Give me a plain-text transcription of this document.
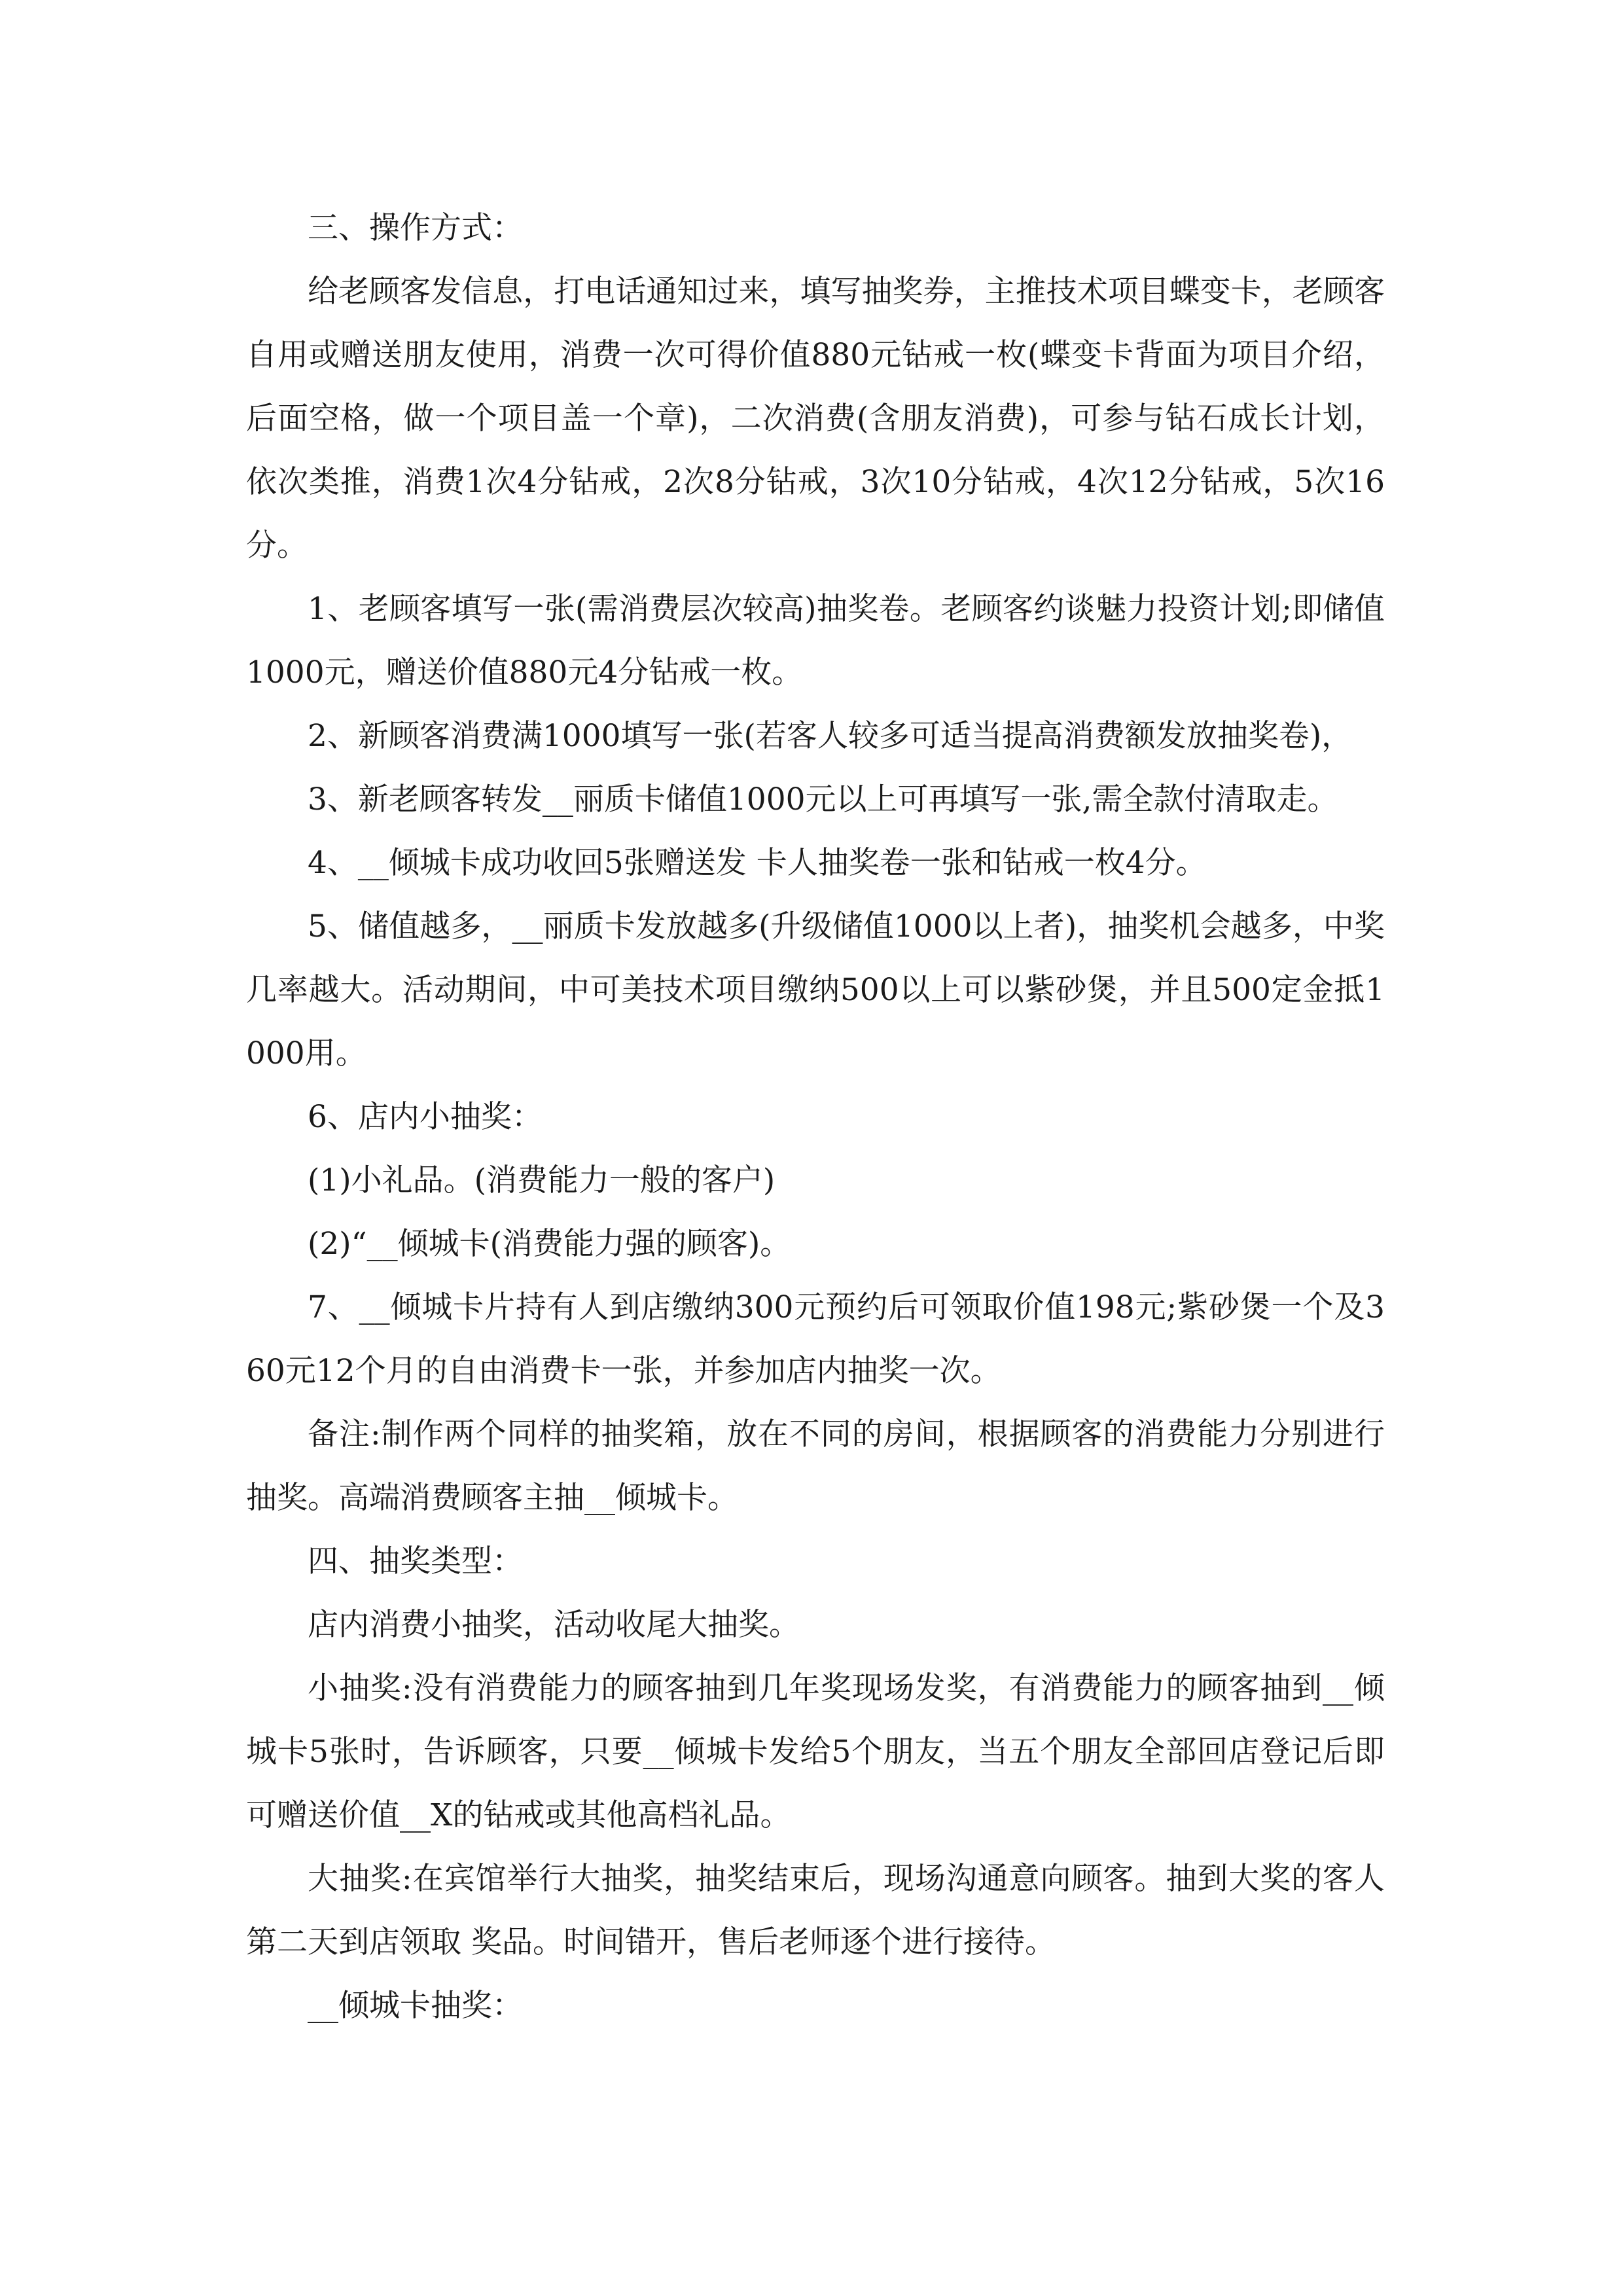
三、操作方式：

给老顾客发信息，打电话通知过来，填写抽奖券，主推技术项目蝶变卡，老顾客自用或赠送朋友使用，消费一次可得价值880元钻戒一枚(蝶变卡背面为项目介绍，后面空格，做一个项目盖一个章)，二次消费(含朋友消费)，可参与钻石成长计划，依次类推，消费1次4分钻戒，2次8分钻戒，3次10分钻戒，4次12分钻戒，5次16分。

1、老顾客填写一张(需消费层次较高)抽奖卷。老顾客约谈魅力投资计划;即储值1000元，赠送价值880元4分钻戒一枚。

2、新顾客消费满1000填写一张(若客人较多可适当提高消费额发放抽奖卷)，

3、新老顾客转发__丽质卡储值1000元以上可再填写一张,需全款付清取走。

4、__倾城卡成功收回5张赠送发 卡人抽奖卷一张和钻戒一枚4分。

5、储值越多，__丽质卡发放越多(升级储值1000以上者)，抽奖机会越多，中奖几率越大。活动期间，中可美技术项目缴纳500以上可以紫砂煲，并且500定金抵1000用。

6、店内小抽奖：

(1)小礼品。(消费能力一般的客户)

(2)“__倾城卡(消费能力强的顾客)。

7、__倾城卡片持有人到店缴纳300元预约后可领取价值198元;紫砂煲一个及360元12个月的自由消费卡一张，并参加店内抽奖一次。

备注:制作两个同样的抽奖箱，放在不同的房间，根据顾客的消费能力分别进行抽奖。高端消费顾客主抽__倾城卡。

四、抽奖类型：

店内消费小抽奖，活动收尾大抽奖。

小抽奖:没有消费能力的顾客抽到几年奖现场发奖，有消费能力的顾客抽到__倾城卡5张时，告诉顾客，只要__倾城卡发给5个朋友，当五个朋友全部回店登记后即可赠送价值__X的钻戒或其他高档礼品。

大抽奖:在宾馆举行大抽奖，抽奖结束后，现场沟通意向顾客。抽到大奖的客人第二天到店领取 奖品。时间错开，售后老师逐个进行接待。

__倾城卡抽奖：
